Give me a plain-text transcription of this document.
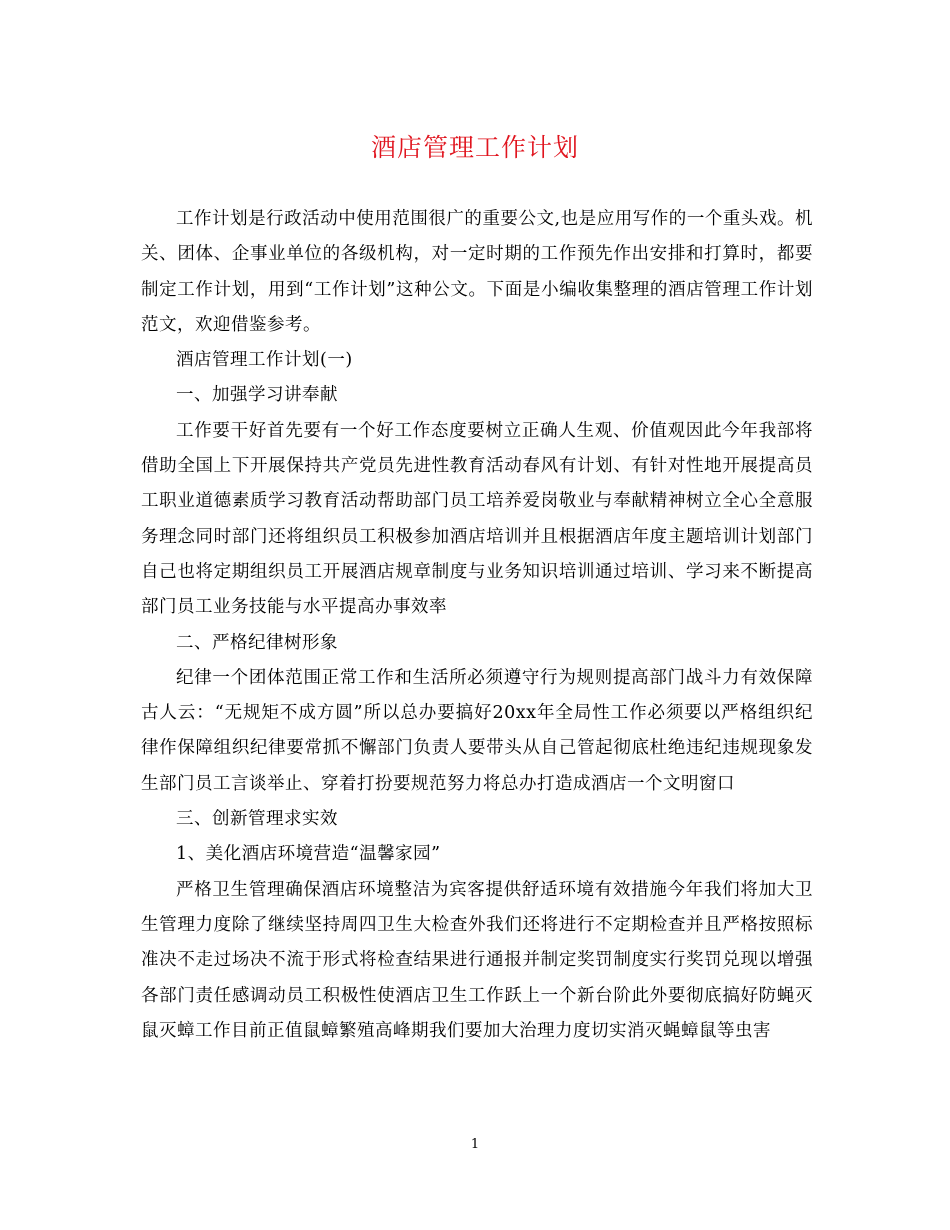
酒店管理工作计划

工作计划是行政活动中使用范围很广的重要公文,也是应用写作的一个重头戏。机关、团体、企事业单位的各级机构，对一定时期的工作预先作出安排和打算时，都要制定工作计划，用到“工作计划”这种公文。下面是小编收集整理的酒店管理工作计划范文，欢迎借鉴参考。

酒店管理工作计划(一)

一、加强学习讲奉献

工作要干好首先要有一个好工作态度要树立正确人生观、价值观因此今年我部将借助全国上下开展保持共产党员先进性教育活动春风有计划、有针对性地开展提高员工职业道德素质学习教育活动帮助部门员工培养爱岗敬业与奉献精神树立全心全意服务理念同时部门还将组织员工积极参加酒店培训并且根据酒店年度主题培训计划部门自己也将定期组织员工开展酒店规章制度与业务知识培训通过培训、学习来不断提高部门员工业务技能与水平提高办事效率

二、严格纪律树形象

纪律一个团体范围正常工作和生活所必须遵守行为规则提高部门战斗力有效保障古人云：“无规矩不成方圆”所以总办要搞好20xx年全局性工作必须要以严格组织纪律作保障组织纪律要常抓不懈部门负责人要带头从自己管起彻底杜绝违纪违规现象发生部门员工言谈举止、穿着打扮要规范努力将总办打造成酒店一个文明窗口

三、创新管理求实效

1、美化酒店环境营造“温馨家园”

严格卫生管理确保酒店环境整洁为宾客提供舒适环境有效措施今年我们将加大卫生管理力度除了继续坚持周四卫生大检查外我们还将进行不定期检查并且严格按照标准决不走过场决不流于形式将检查结果进行通报并制定奖罚制度实行奖罚兑现以增强各部门责任感调动员工积极性使酒店卫生工作跃上一个新台阶此外要彻底搞好防蝇灭鼠灭蟑工作目前正值鼠蟑繁殖高峰期我们要加大治理力度切实消灭蝇蟑鼠等虫害

1
